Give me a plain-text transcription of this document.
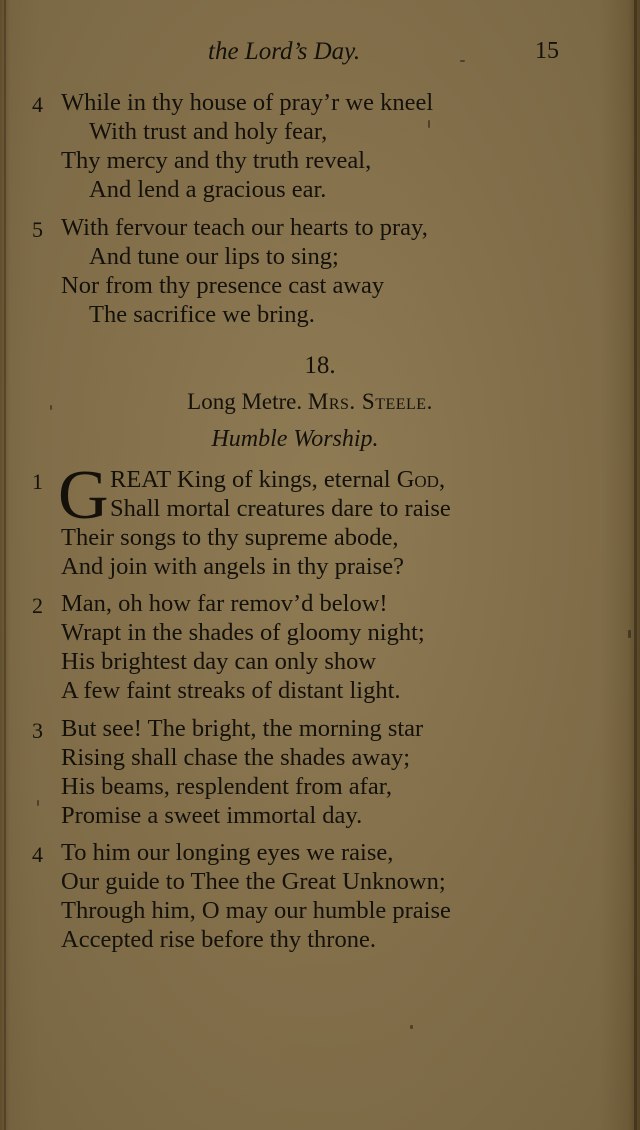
the Lord’s Day.	15
4 While in thy house of pray’r we kneel
With trust and holy fear,
Thy mercy and thy truth reveal,
And lend a gracious ear.
5 With fervour teach our hearts to pray,
And tune our lips to sing;
Nor from thy presence cast away
The sacrifice we bring.
18.
Long Metre. Mrs. Steele.
Humble Worship.
G
1	REAT King of kings, eternal God,
Shall mortal creatures dare to raise
Their songs to thy supreme abode,
And join with angels in thy praise?
2 Man, oh how far remov’d below!
Wrapt in the shades of gloomy night;
His brightest day can only show
A few faint streaks of distant light.
3 But see! The bright, the morning star
Rising shall chase the shades away;
His beams, resplendent from afar,
Promise a sweet immortal day.
4 To him our longing eyes we raise,
Our guide to Thee the Great Unknown;
Through him, O may our humble praise
Accepted rise before thy throne.
